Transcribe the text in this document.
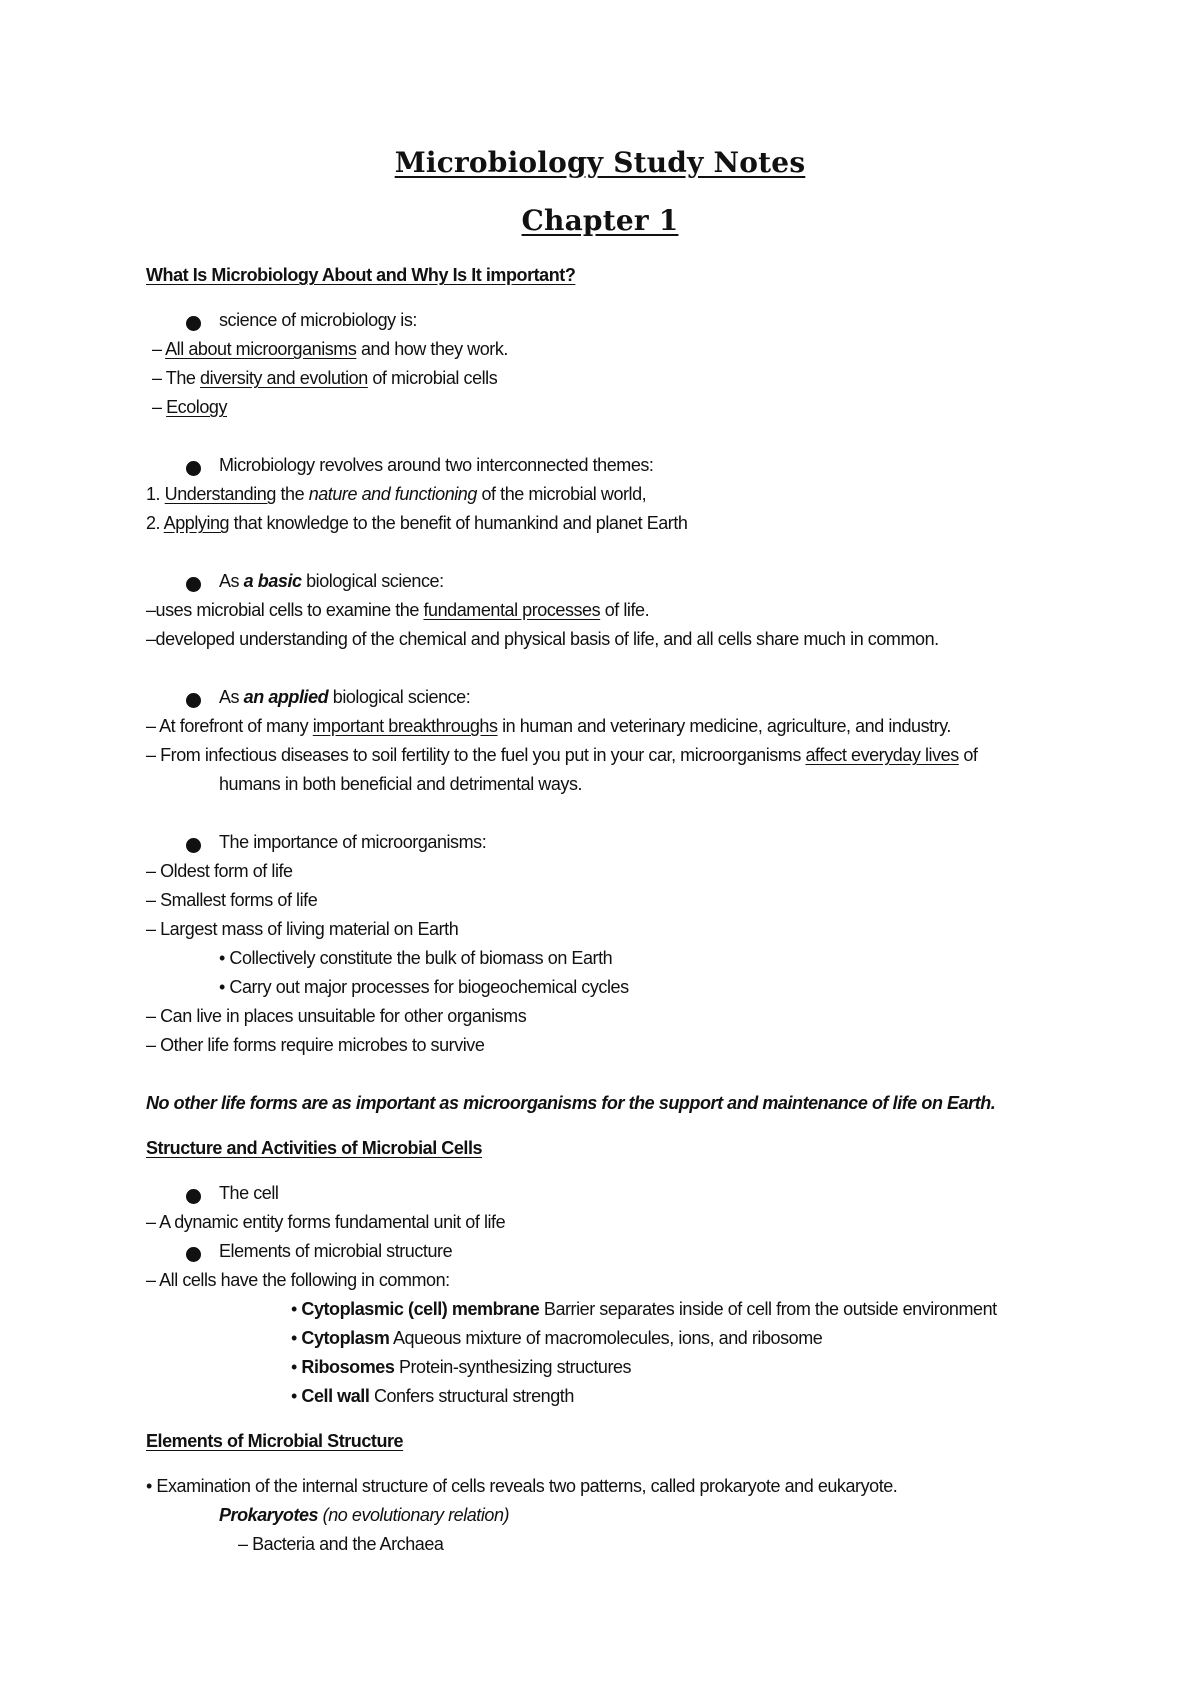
Microbiology Study Notes
Chapter 1
What Is Microbiology About and Why Is It important?
science of microbiology is:
– All about microorganisms and how they work.
– The diversity and evolution of microbial cells
– Ecology
Microbiology revolves around two interconnected themes:
1. Understanding the nature and functioning of the microbial world,
2. Applying that knowledge to the benefit of humankind and planet Earth
As a basic biological science:
–uses microbial cells to examine the fundamental processes of life.
–developed understanding of the chemical and physical basis of life, and all cells share much in common.
As an applied biological science:
– At forefront of many important breakthroughs in human and veterinary medicine, agriculture, and industry.
– From infectious diseases to soil fertility to the fuel you put in your car, microorganisms affect everyday lives of
humans in both beneficial and detrimental ways.
The importance of microorganisms:
– Oldest form of life
– Smallest forms of life
– Largest mass of living material on Earth
• Collectively constitute the bulk of biomass on Earth
• Carry out major processes for biogeochemical cycles
– Can live in places unsuitable for other organisms
– Other life forms require microbes to survive
No other life forms are as important as microorganisms for the support and maintenance of life on Earth.
Structure and Activities of Microbial Cells
The cell
– A dynamic entity forms fundamental unit of life
Elements of microbial structure
– All cells have the following in common:
• Cytoplasmic (cell) membrane Barrier separates inside of cell from the outside environment
• Cytoplasm Aqueous mixture of macromolecules, ions, and ribosome
• Ribosomes Protein-synthesizing structures
• Cell wall Confers structural strength
Elements of Microbial Structure
• Examination of the internal structure of cells reveals two patterns, called prokaryote and eukaryote.
Prokaryotes (no evolutionary relation)
– Bacteria and the Archaea
